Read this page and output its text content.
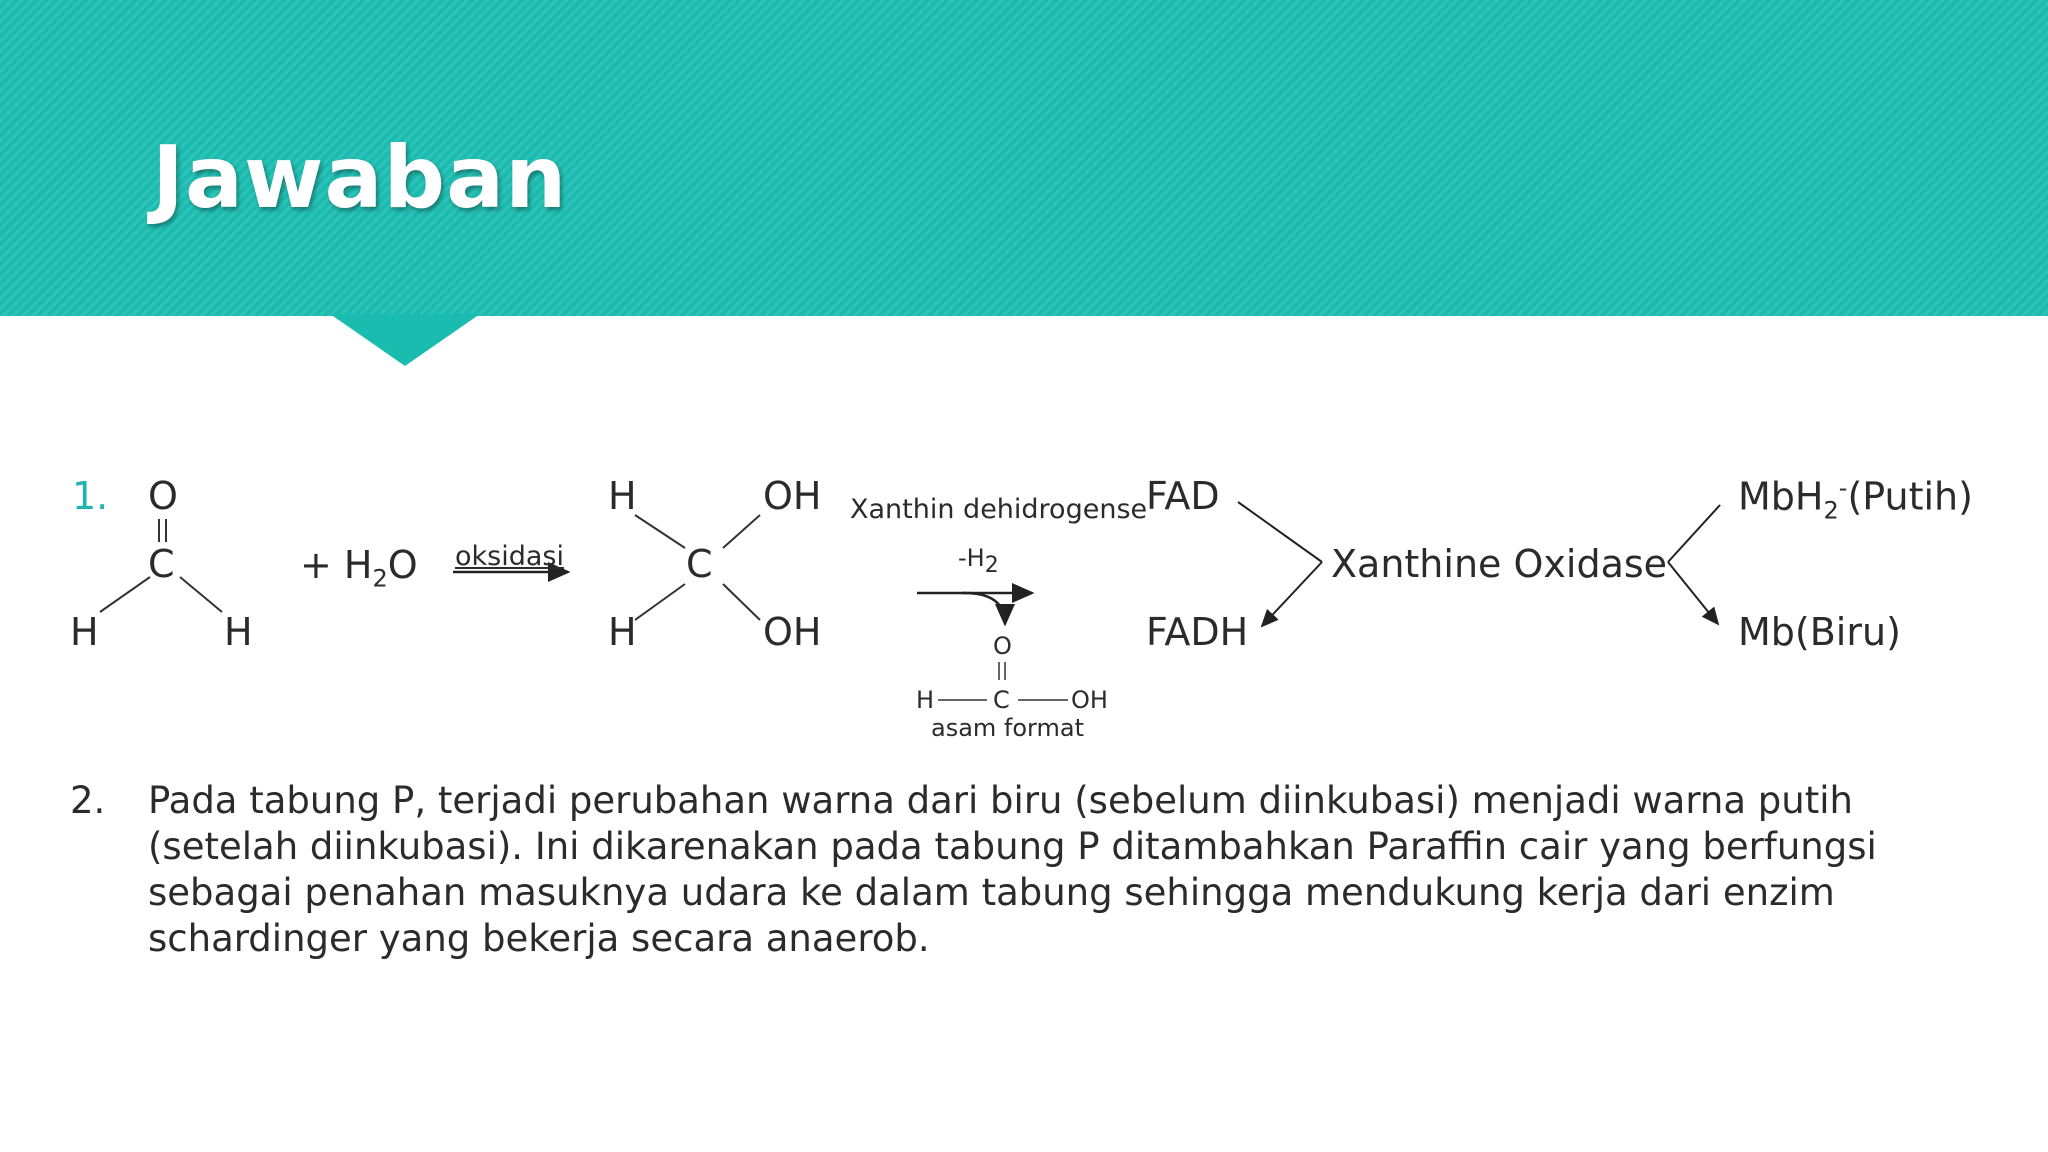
Jawaban
1. O
C
H	H
+ $H_2O$ oksidasi
H	OH
C
H	OH
Xanthin dehidrogense
$-H_2$
O
H C	OH
asam format
FAD
FADH
Xanthine Oxidase
MbH$_2$-(Putih)
Mb(Biru)
2. Pada tabung P, terjadi perubahan warna dari biru (sebelum diinkubasi) menjadi warna putih (setelah diinkubasi). Ini dikarenakan pada tabung P ditambahkan Paraffin cair yang berfungsi sebagai penahan masuknya udara ke dalam tabung sehingga mendukung kerja dari enzim schardinger yang bekerja secara anaerob.
